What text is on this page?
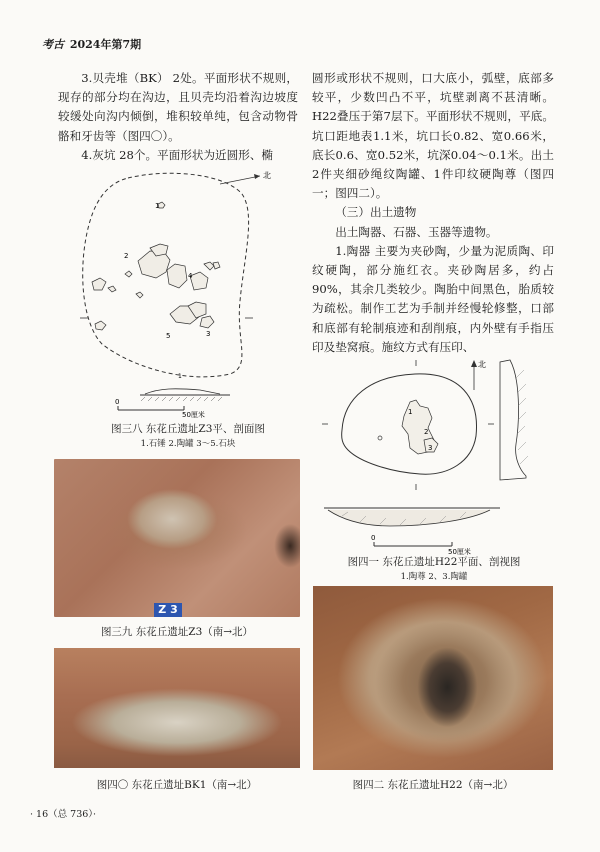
考古 2024年第7期

3.贝壳堆（BK） 2处。平面形状不规则，现存的部分均在沟边，且贝壳均沿着沟边坡度较缓处向沟内倾倒，堆积较单纯，包含动物骨骼和牙齿等（图四〇）。

4.灰坑 28个。平面形状为近圆形、椭

圆形或形状不规则，口大底小，弧壁，底部多较平，少数凹凸不平，坑壁剥离不甚清晰。H22叠压于第7层下。平面形状不规则，平底。坑口距地表1.1米，坑口长0.82、宽0.66米，底长0.6、宽0.52米，坑深0.04～0.1米。出土2件夹细砂绳纹陶罐、1件印纹硬陶尊（图四一；图四二）。

（三）出土遗物

出土陶器、石器、玉器等遗物。

1.陶器 主要为夹砂陶，少量为泥质陶、印纹硬陶，部分施红衣。夹砂陶居多，约占90%，其余几类较少。陶胎中间黑色，胎质较为疏松。制作工艺为手制并经慢轮修整，口部和底部有轮制痕迹和刮削痕，内外壁有手指压印及垫窝痕。施纹方式有压印、

北
1
2
3
4
5
1
0
50厘米
图三八 东花丘遗址Z3平、剖面图
1.石锤 2.陶罐 3～5.石块
Z 3
图三九 东花丘遗址Z3（南→北）
图四〇 东花丘遗址BK1（南→北）
1
2
3
北
0
50厘米
图四一 东花丘遗址H22平面、剖视图
1.陶尊 2、3.陶罐
图四二 东花丘遗址H22（南→北）
· 16（总 736）·
